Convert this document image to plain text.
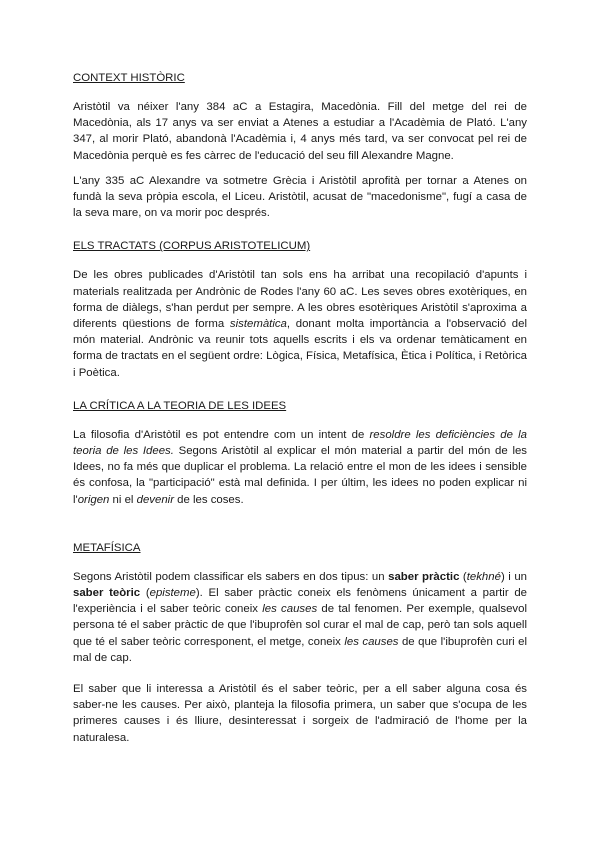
CONTEXT HISTÒRIC

Aristòtil va néixer l'any 384 aC a Estagira, Macedònia. Fill del metge del rei de Macedònia, als 17 anys va ser enviat a Atenes a estudiar a l'Acadèmia de Plató. L'any 347, al morir Plató, abandonà l'Acadèmia i, 4 anys més tard, va ser convocat pel rei de Macedònia perquè es fes càrrec de l'educació del seu fill Alexandre Magne.

L'any 335 aC Alexandre va sotmetre Grècia i Aristòtil aprofità per tornar a Atenes on fundà la seva pròpia escola, el Liceu. Aristòtil, acusat de "macedonisme", fugí a casa de la seva mare, on va morir poc després.

ELS TRACTATS (CORPUS ARISTOTELICUM)

De les obres publicades d'Aristòtil tan sols ens ha arribat una recopilació d'apunts i materials realitzada per Andrònic de Rodes l'any 60 aC. Les seves obres exotèriques, en forma de diàlegs, s'han perdut per sempre. A les obres esotèriques Aristòtil s'aproxima a diferents qüestions de forma sistemàtica, donant molta importància a l'observació del món material. Andrònic va reunir tots aquells escrits i els va ordenar temàticament en forma de tractats en el següent ordre: Lògica, Física, Metafísica, Ètica i Política, i Retòrica i Poètica.

LA CRÍTICA A LA TEORIA DE LES IDEES

La filosofia d'Aristòtil es pot entendre com un intent de resoldre les deficiències de la teoria de les Idees. Segons Aristòtil al explicar el món material a partir del món de les Idees, no fa més que duplicar el problema. La relació entre el mon de les idees i sensible és confosa, la "participació" està mal definida. I per últim, les idees no poden explicar ni l'origen ni el devenir de les coses.

METAFÍSICA

Segons Aristòtil podem classificar els sabers en dos tipus: un saber pràctic (tekhné) i un saber teòric (episteme). El saber pràctic coneix els fenòmens únicament a partir de l'experiència i el saber teòric coneix les causes de tal fenomen. Per exemple, qualsevol persona té el saber pràctic de que l'ibuprofèn sol curar el mal de cap, però tan sols aquell que té el saber teòric corresponent, el metge, coneix les causes de que l'ibuprofèn curi el mal de cap.

El saber que li interessa a Aristòtil és el saber teòric, per a ell saber alguna cosa és saber-ne les causes. Per això, planteja la filosofia primera, un saber que s'ocupa de les primeres causes i és lliure, desinteressat i sorgeix de l'admiració de l'home per la naturalesa.
